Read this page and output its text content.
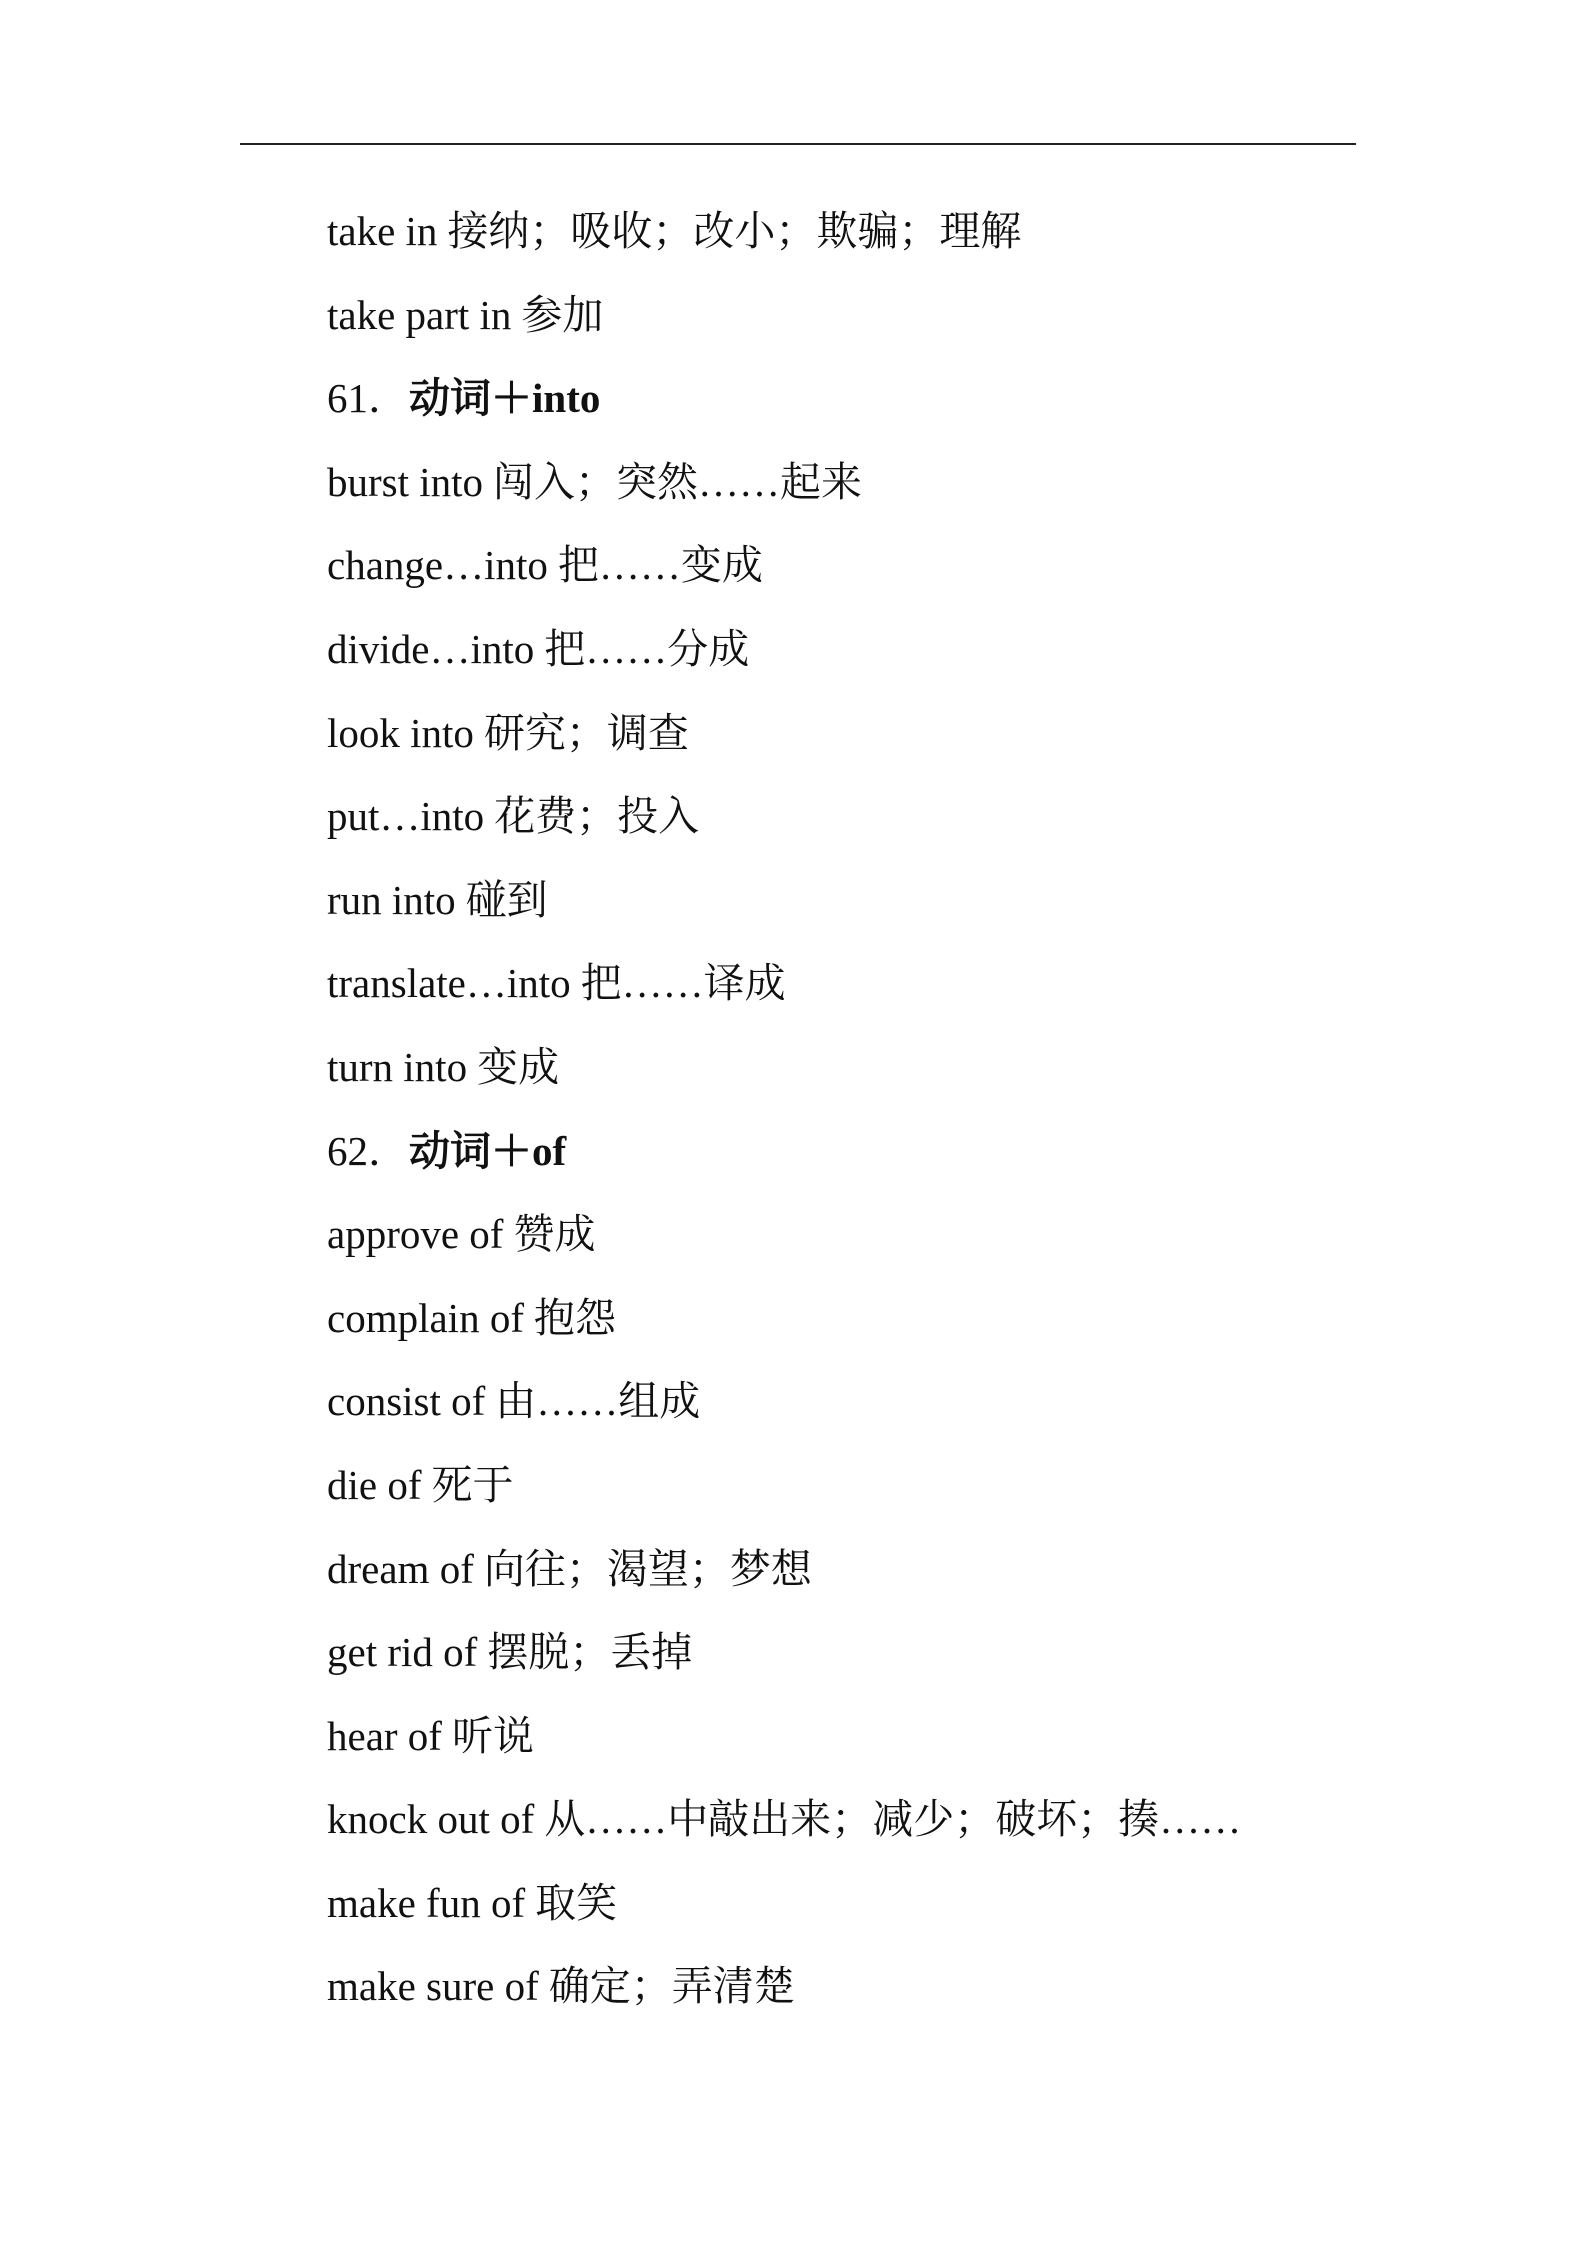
take in 接纳；吸收；改小；欺骗；理解
take part in 参加
61．动词＋into
burst into 闯入；突然……起来
change…into 把……变成
divide…into 把……分成
look into 研究；调查
put…into 花费；投入
run into 碰到
translate…into 把……译成
turn into 变成
62．动词＋of
approve of 赞成
complain of 抱怨
consist of 由……组成
die of 死于
dream of 向往；渴望；梦想
get rid of 摆脱；丢掉
hear of 听说
knock out of 从……中敲出来；减少；破坏；揍……
make fun of 取笑
make sure of 确定；弄清楚
